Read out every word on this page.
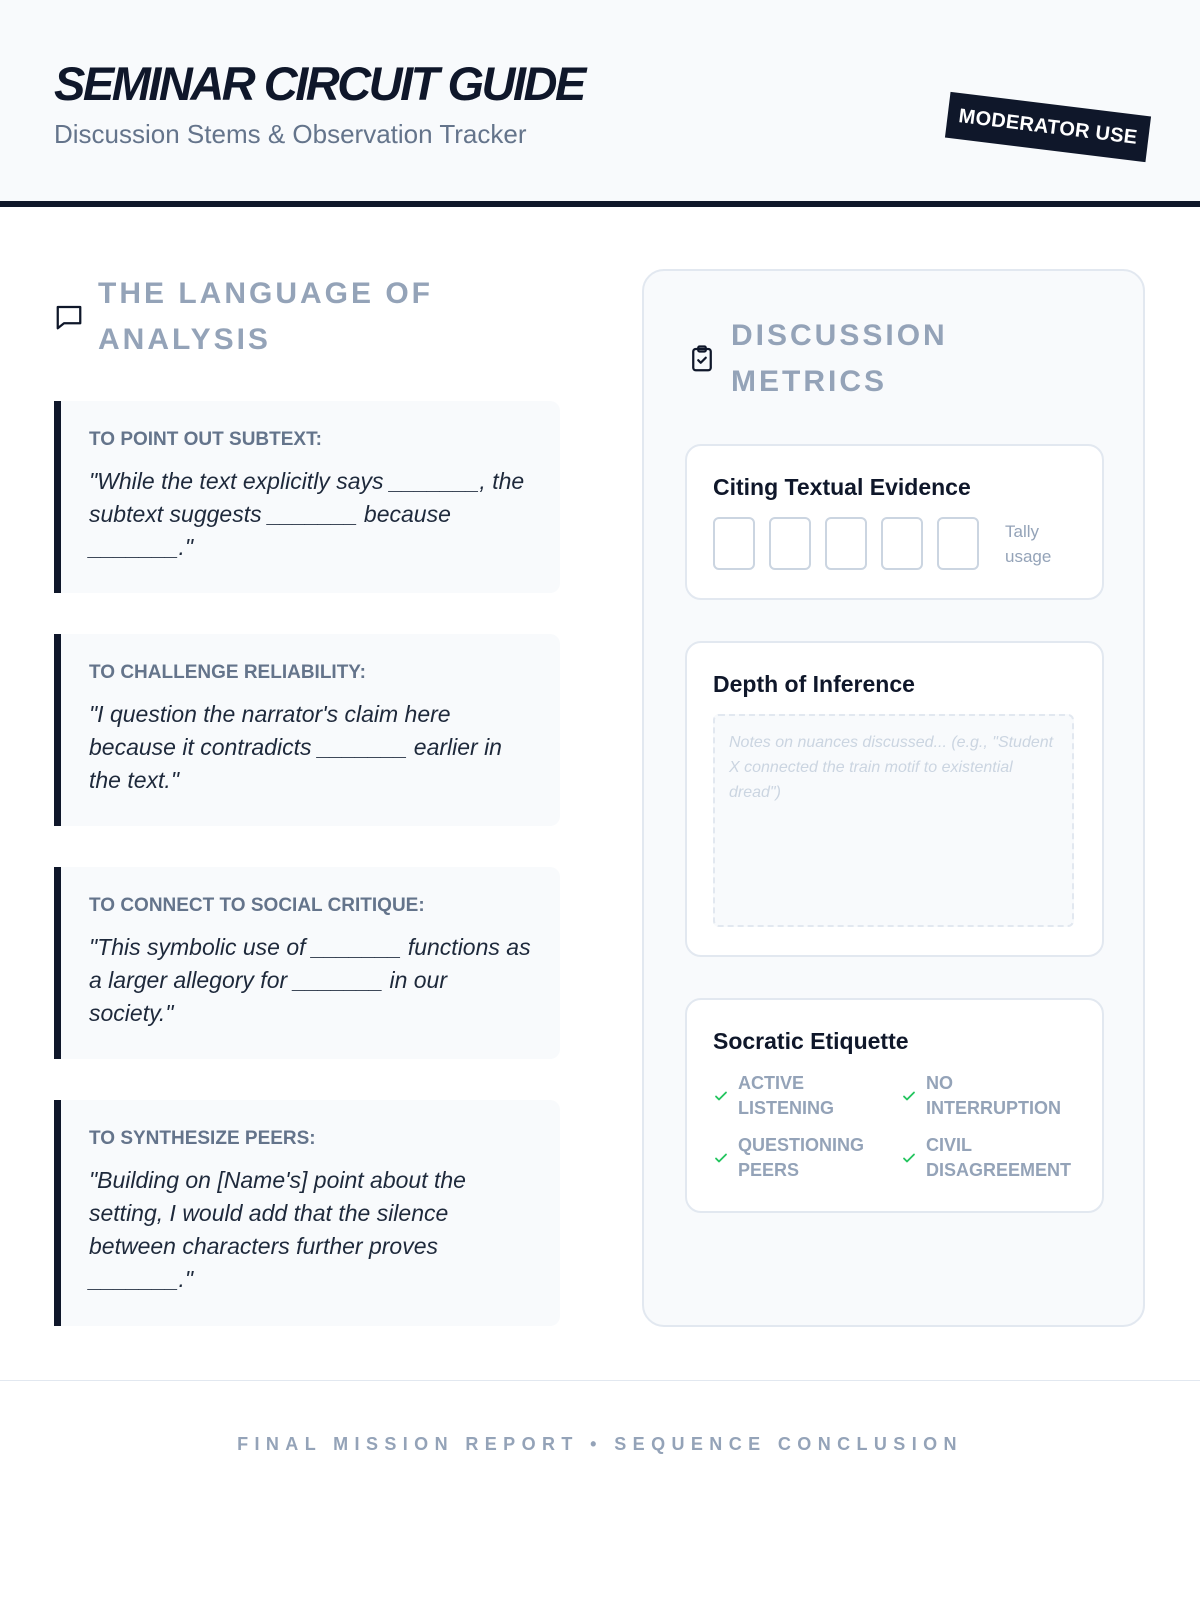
SEMINAR CIRCUIT GUIDE
Discussion Stems & Observation Tracker	MODERATOR USE
THE LANGUAGE OF ANALYSIS
TO POINT OUT SUBTEXT:
"While the text explicitly says _______, the subtext suggests _______ because _______."
TO CHALLENGE RELIABILITY:
"I question the narrator's claim here because it contradicts _______ earlier in the text."
TO CONNECT TO SOCIAL CRITIQUE:
"This symbolic use of _______ functions as a larger allegory for _______ in our society."
TO SYNTHESIZE PEERS:
"Building on [Name's] point about the setting, I would add that the silence between characters further proves _______."
DISCUSSION METRICS
Citing Textual Evidence
Tally usage
Depth of Inference
Notes on nuances discussed... (e.g., "Student X connected the train motif to existential dread")
Socratic Etiquette
ACTIVE LISTENING
NO INTERRUPTION
QUESTIONING PEERS
CIVIL DISAGREEMENT
FINAL MISSION REPORT • SEQUENCE CONCLUSION
